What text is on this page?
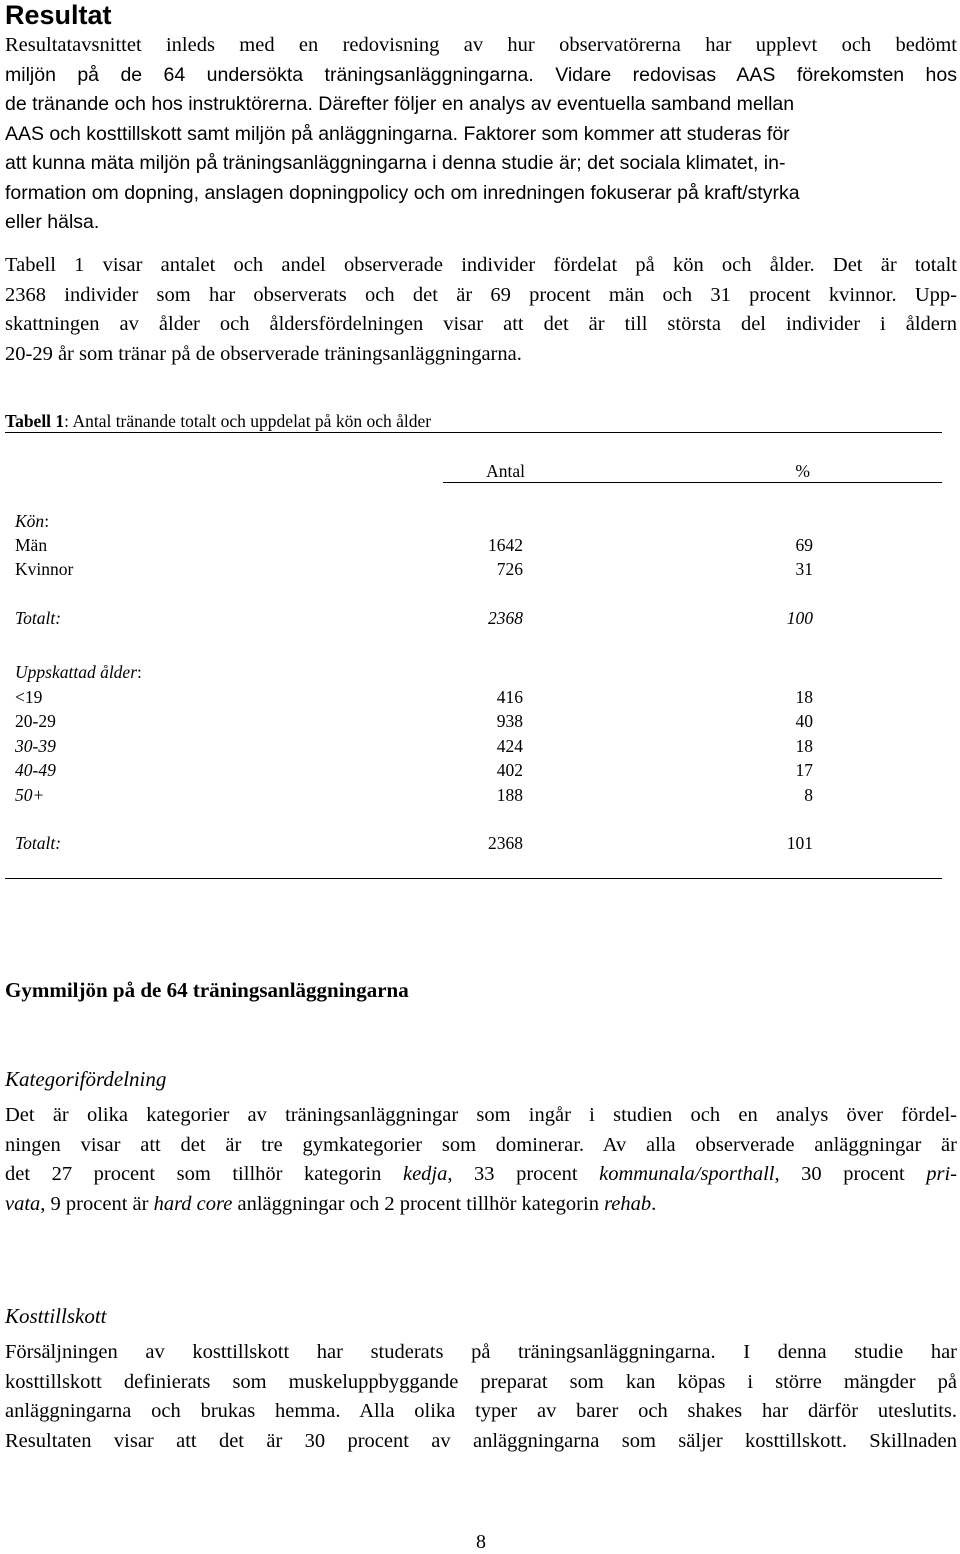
Resultat
Resultatavsnittet inleds med en redovisning av hur observatörerna har upplevt och bedömt
miljön på de 64 undersökta träningsanläggningarna. Vidare redovisas AAS förekomsten hos
de tränande och hos instruktörerna. Därefter följer en analys av eventuella samband mellan
AAS och kosttillskott samt miljön på anläggningarna. Faktorer som kommer att studeras för
att kunna mäta miljön på träningsanläggningarna i denna studie är; det sociala klimatet, in-
formation om dopning, anslagen dopningpolicy och om inredningen fokuserar på kraft/styrka
eller hälsa.
Tabell 1 visar antalet och andel observerade individer fördelat på kön och ålder. Det är totalt
2368 individer som har observerats och det är 69 procent män och 31 procent kvinnor. Upp-
skattningen av ålder och åldersfördelningen visar att det är till största del individer i åldern
20-29 år som tränar på de observerade träningsanläggningarna.
Tabell 1: Antal tränande totalt och uppdelat på kön och ålder
Antal	%
Kön:
Män	1642	69
Kvinnor	726	31
Totalt:	2368	100
Uppskattad ålder:
<19	416	18
20-29	938	40
30-39	424	18
40-49	402	17
50+	188	8
Totalt:	2368	101
Gymmiljön på de 64 träningsanläggningarna
Kategorifördelning
Det är olika kategorier av träningsanläggningar som ingår i studien och en analys över fördel-
ningen visar att det är tre gymkategorier som dominerar. Av alla observerade anläggningar är
det 27 procent som tillhör kategorin kedja, 33 procent kommunala/sporthall, 30 procent pri-
vata, 9 procent är hard core anläggningar och 2 procent tillhör kategorin rehab.
Kosttillskott
Försäljningen av kosttillskott har studerats på träningsanläggningarna. I denna studie har
kosttillskott definierats som muskeluppbyggande preparat som kan köpas i större mängder på
anläggningarna och brukas hemma. Alla olika typer av barer och shakes har därför uteslutits.
Resultaten visar att det är 30 procent av anläggningarna som säljer kosttillskott. Skillnaden
8
